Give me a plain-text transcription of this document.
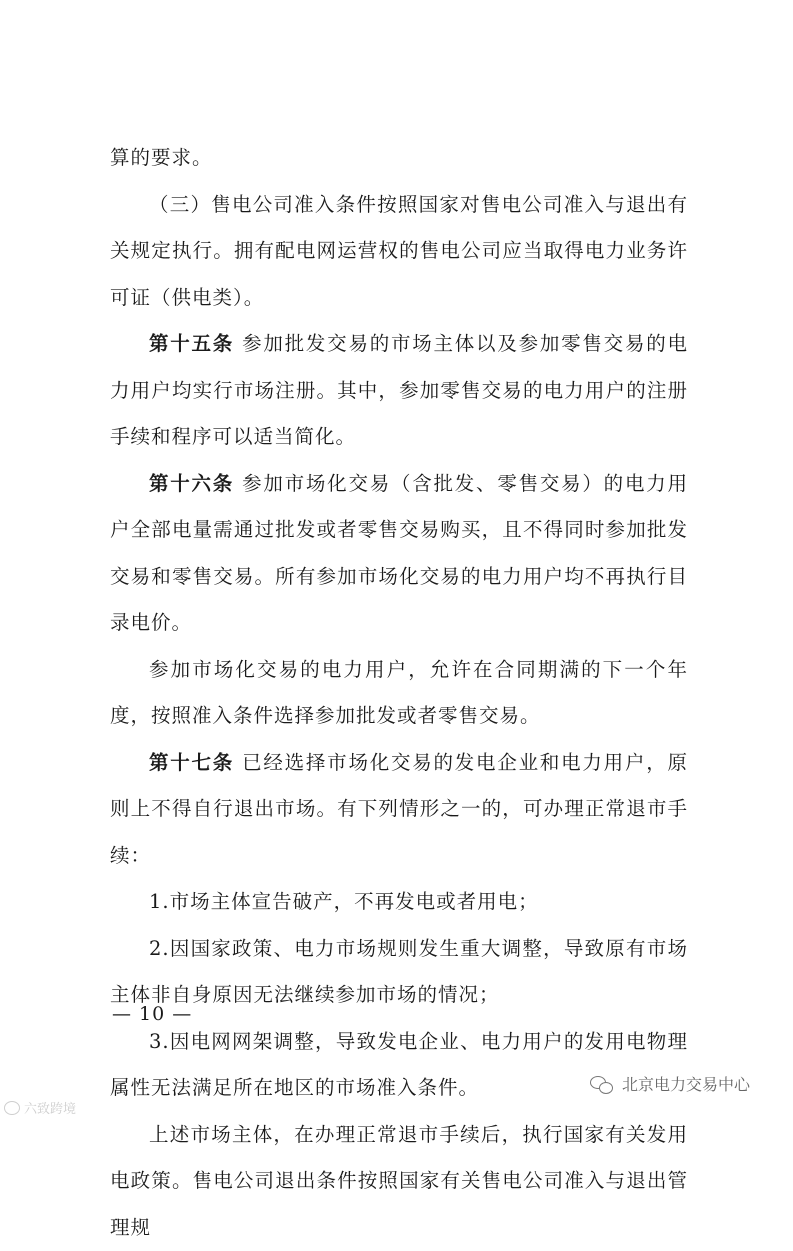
算的要求。

（三）售电公司准入条件按照国家对售电公司准入与退出有关规定执行。拥有配电网运营权的售电公司应当取得电力业务许可证（供电类）。

第十五条 参加批发交易的市场主体以及参加零售交易的电力用户均实行市场注册。其中，参加零售交易的电力用户的注册手续和程序可以适当简化。

第十六条 参加市场化交易（含批发、零售交易）的电力用户全部电量需通过批发或者零售交易购买，且不得同时参加批发交易和零售交易。所有参加市场化交易的电力用户均不再执行目录电价。

参加市场化交易的电力用户，允许在合同期满的下一个年度，按照准入条件选择参加批发或者零售交易。

第十七条 已经选择市场化交易的发电企业和电力用户，原则上不得自行退出市场。有下列情形之一的，可办理正常退市手续：

1.市场主体宣告破产，不再发电或者用电；

2.因国家政策、电力市场规则发生重大调整，导致原有市场主体非自身原因无法继续参加市场的情况；

3.因电网网架调整，导致发电企业、电力用户的发用电物理属性无法满足所在地区的市场准入条件。

上述市场主体，在办理正常退市手续后，执行国家有关发用电政策。售电公司退出条件按照国家有关售电公司准入与退出管理规

— 10 —
北京电力交易中心
六致跨境
